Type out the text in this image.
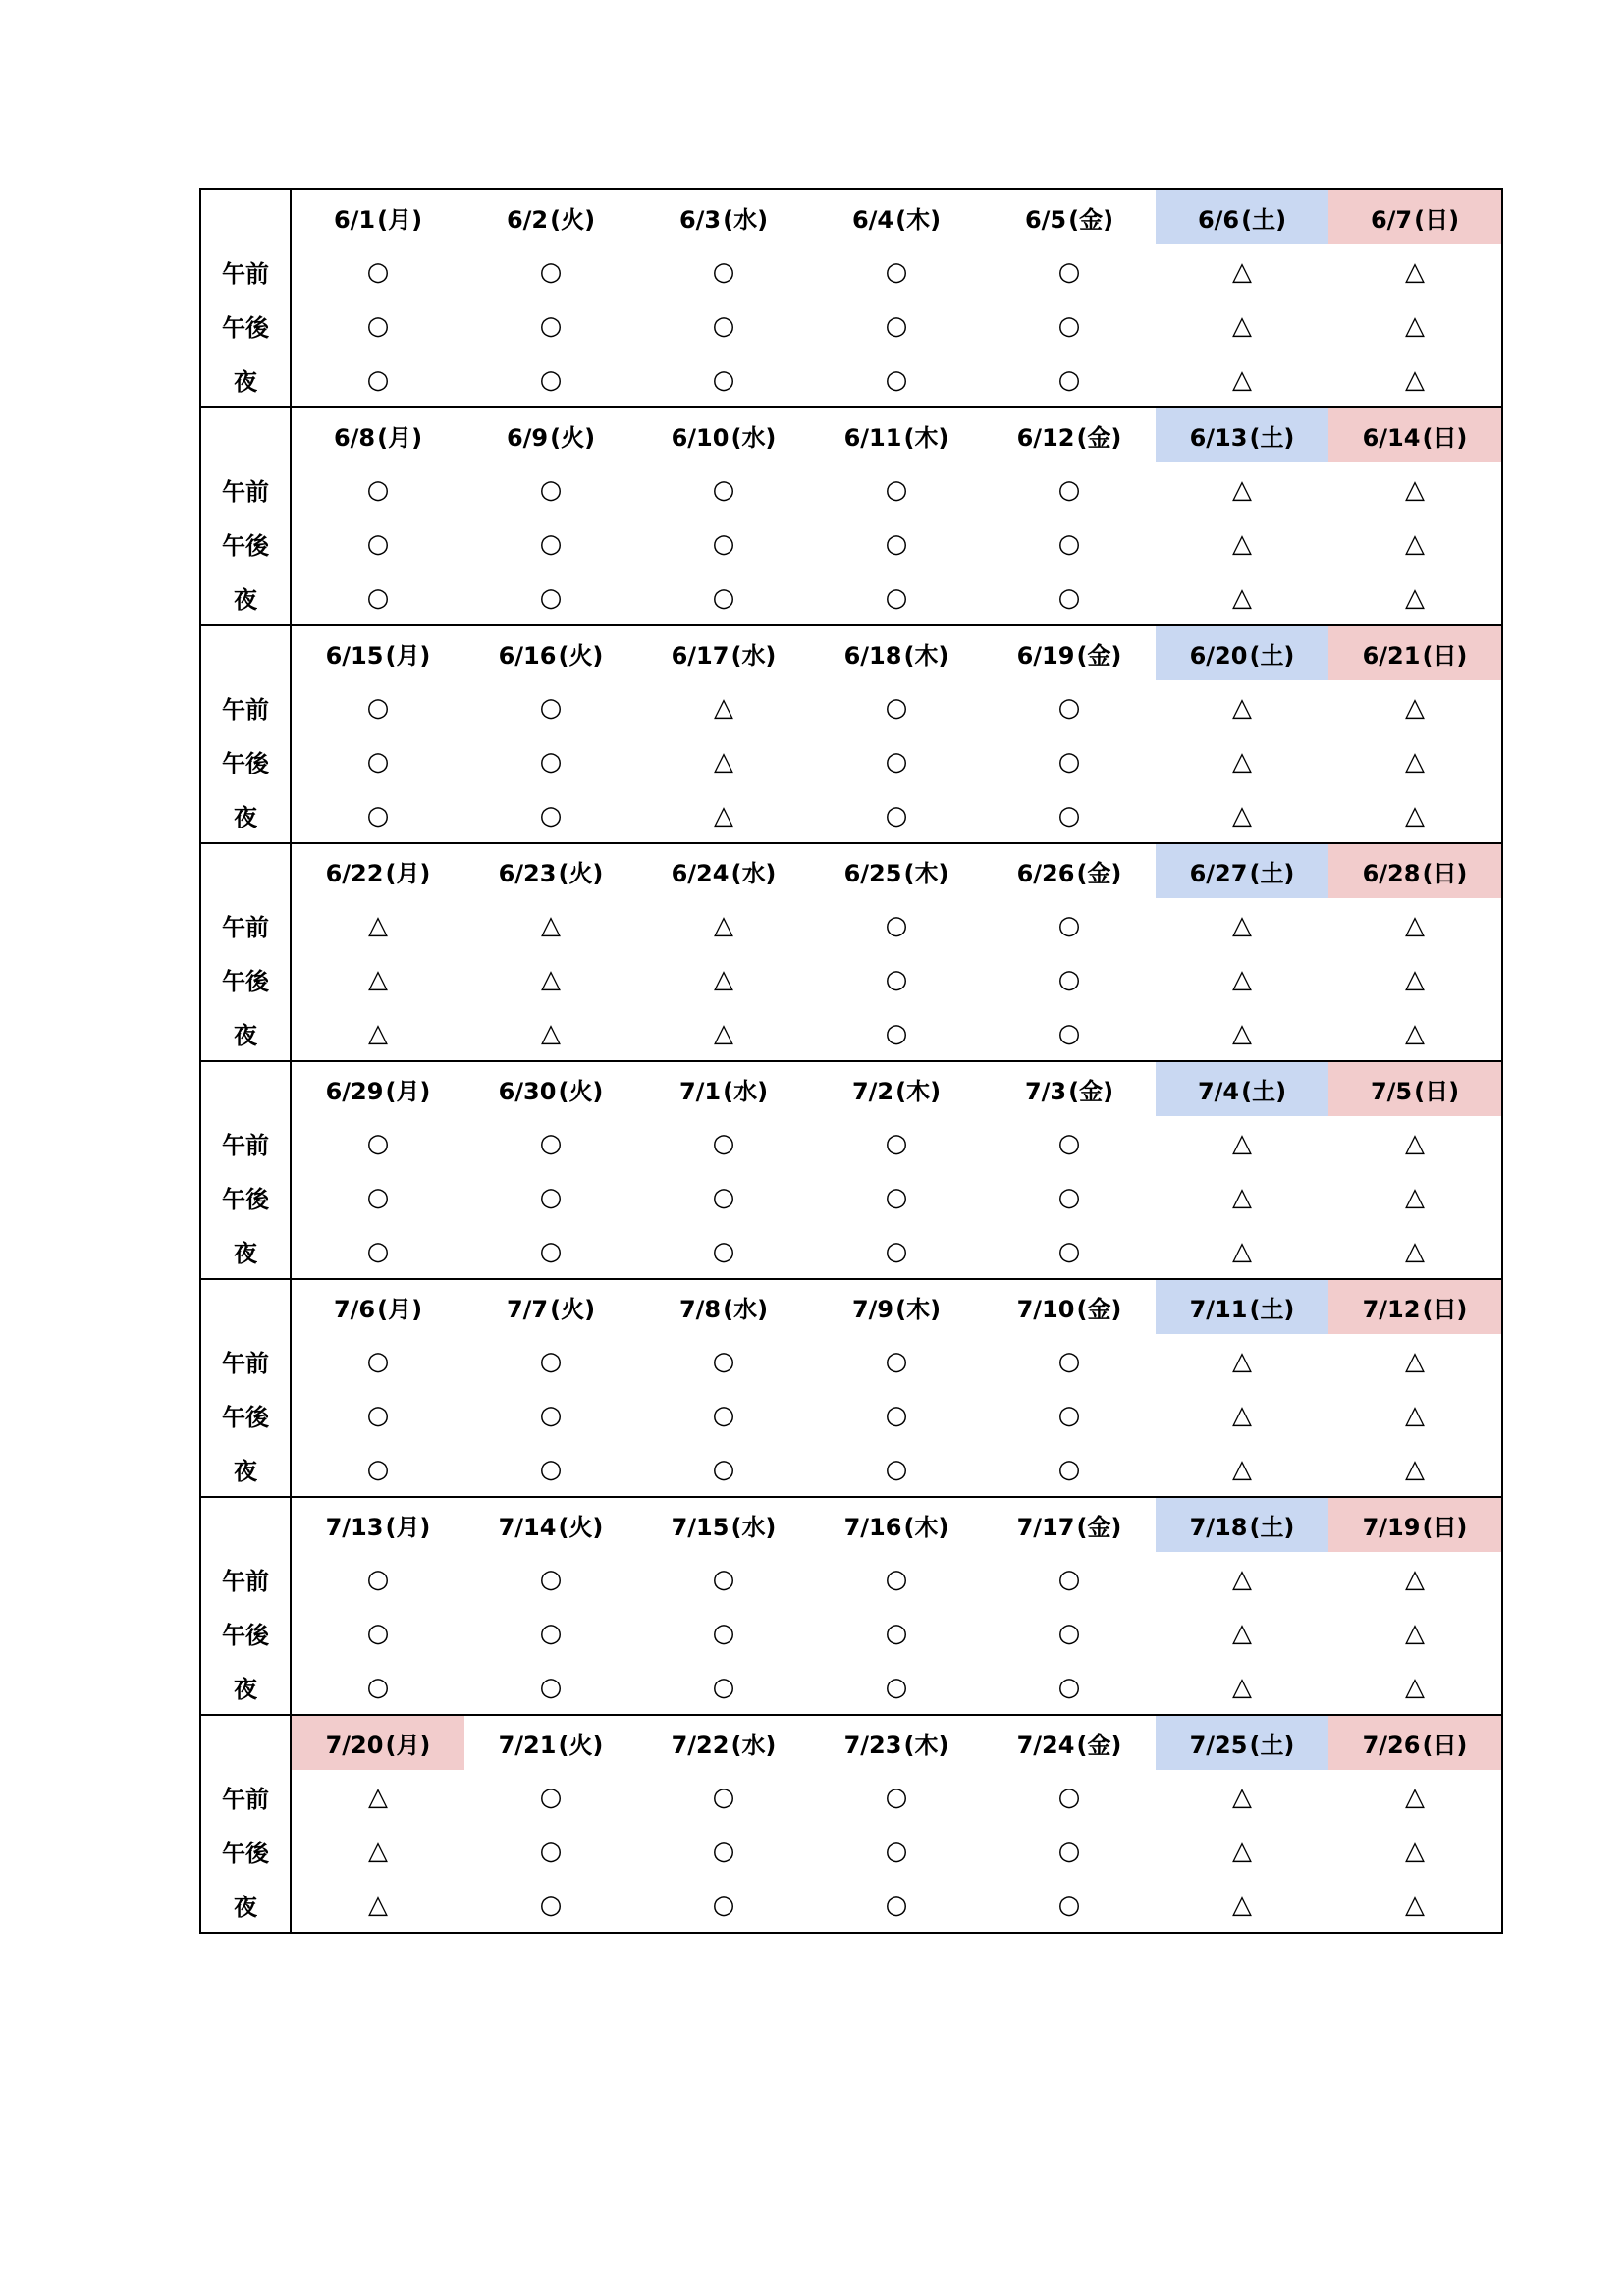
	6/1(月)	6/2(火)	6/3(水)	6/4(木)	6/5(金)	6/6(土)	6/7(日)
午前	○	○	○	○	○	△	△
午後	○	○	○	○	○	△	△
夜	○	○	○	○	○	△	△
	6/8(月)	6/9(火)	6/10(水)	6/11(木)	6/12(金)	6/13(土)	6/14(日)
午前	○	○	○	○	○	△	△
午後	○	○	○	○	○	△	△
夜	○	○	○	○	○	△	△
	6/15(月)	6/16(火)	6/17(水)	6/18(木)	6/19(金)	6/20(土)	6/21(日)
午前	○	○	△	○	○	△	△
午後	○	○	△	○	○	△	△
夜	○	○	△	○	○	△	△
	6/22(月)	6/23(火)	6/24(水)	6/25(木)	6/26(金)	6/27(土)	6/28(日)
午前	△	△	△	○	○	△	△
午後	△	△	△	○	○	△	△
夜	△	△	△	○	○	△	△
	6/29(月)	6/30(火)	7/1(水)	7/2(木)	7/3(金)	7/4(土)	7/5(日)
午前	○	○	○	○	○	△	△
午後	○	○	○	○	○	△	△
夜	○	○	○	○	○	△	△
	7/6(月)	7/7(火)	7/8(水)	7/9(木)	7/10(金)	7/11(土)	7/12(日)
午前	○	○	○	○	○	△	△
午後	○	○	○	○	○	△	△
夜	○	○	○	○	○	△	△
	7/13(月)	7/14(火)	7/15(水)	7/16(木)	7/17(金)	7/18(土)	7/19(日)
午前	○	○	○	○	○	△	△
午後	○	○	○	○	○	△	△
夜	○	○	○	○	○	△	△
	7/20(月)	7/21(火)	7/22(水)	7/23(木)	7/24(金)	7/25(土)	7/26(日)
午前	△	○	○	○	○	△	△
午後	△	○	○	○	○	△	△
夜	△	○	○	○	○	△	△
